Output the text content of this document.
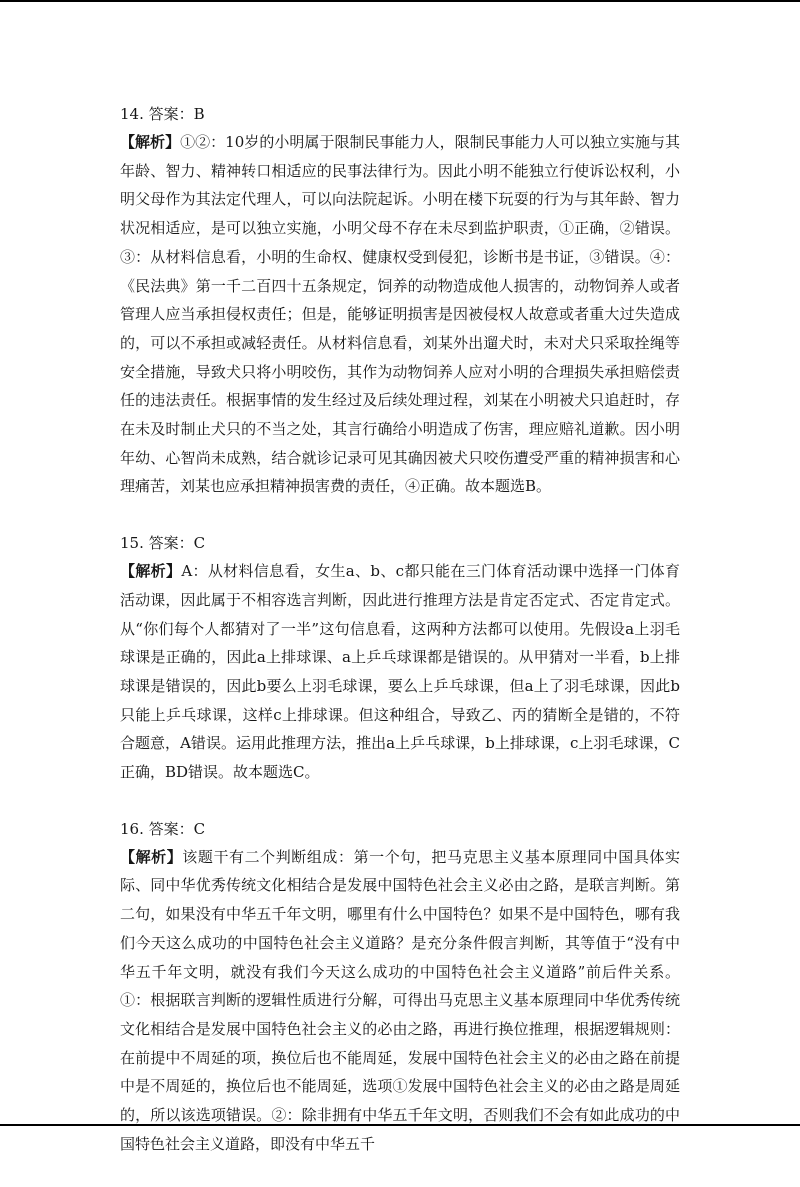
14. 答案：B
【解析】①②：10岁的小明属于限制民事能力人，限制民事能力人可以独立实施与其年龄、智力、精神转口相适应的民事法律行为。因此小明不能独立行使诉讼权利，小明父母作为其法定代理人，可以向法院起诉。小明在楼下玩耍的行为与其年龄、智力状况相适应，是可以独立实施，小明父母不存在未尽到监护职责，①正确，②错误。③：从材料信息看，小明的生命权、健康权受到侵犯，诊断书是书证，③错误。④：《民法典》第一千二百四十五条规定，饲养的动物造成他人损害的，动物饲养人或者管理人应当承担侵权责任；但是，能够证明损害是因被侵权人故意或者重大过失造成的，可以不承担或减轻责任。从材料信息看，刘某外出遛犬时，未对犬只采取拴绳等安全措施，导致犬只将小明咬伤，其作为动物饲养人应对小明的合理损失承担赔偿责任的违法责任。根据事情的发生经过及后续处理过程，刘某在小明被犬只追赶时，存在未及时制止犬只的不当之处，其言行确给小明造成了伤害，理应赔礼道歉。因小明年幼、心智尚未成熟，结合就诊记录可见其确因被犬只咬伤遭受严重的精神损害和心理痛苦，刘某也应承担精神损害费的责任，④正确。故本题选B。
15. 答案：C
【解析】A：从材料信息看，女生a、b、c都只能在三门体育活动课中选择一门体育活动课，因此属于不相容选言判断，因此进行推理方法是肯定否定式、否定肯定式。从“你们每个人都猜对了一半”这句信息看，这两种方法都可以使用。先假设a上羽毛球课是正确的，因此a上排球课、a上乒乓球课都是错误的。从甲猜对一半看，b上排球课是错误的，因此b要么上羽毛球课，要么上乒乓球课，但a上了羽毛球课，因此b只能上乒乓球课，这样c上排球课。但这种组合，导致乙、丙的猜断全是错的，不符合题意，A错误。运用此推理方法，推出a上乒乓球课，b上排球课，c上羽毛球课，C正确，BD错误。故本题选C。
16. 答案：C
【解析】该题干有二个判断组成：第一个句，把马克思主义基本原理同中国具体实际、同中华优秀传统文化相结合是发展中国特色社会主义必由之路，是联言判断。第二句，如果没有中华五千年文明，哪里有什么中国特色？如果不是中国特色，哪有我们今天这么成功的中国特色社会主义道路？是充分条件假言判断，其等值于“没有中华五千年文明，就没有我们今天这么成功的中国特色社会主义道路”前后件关系。①：根据联言判断的逻辑性质进行分解，可得出马克思主义基本原理同中华优秀传统文化相结合是发展中国特色社会主义的必由之路，再进行换位推理，根据逻辑规则：在前提中不周延的项，换位后也不能周延，发展中国特色社会主义的必由之路在前提中是不周延的，换位后也不能周延，选项①发展中国特色社会主义的必由之路是周延的，所以该选项错误。②：除非拥有中华五千年文明，否则我们不会有如此成功的中国特色社会主义道路，即没有中华五千
